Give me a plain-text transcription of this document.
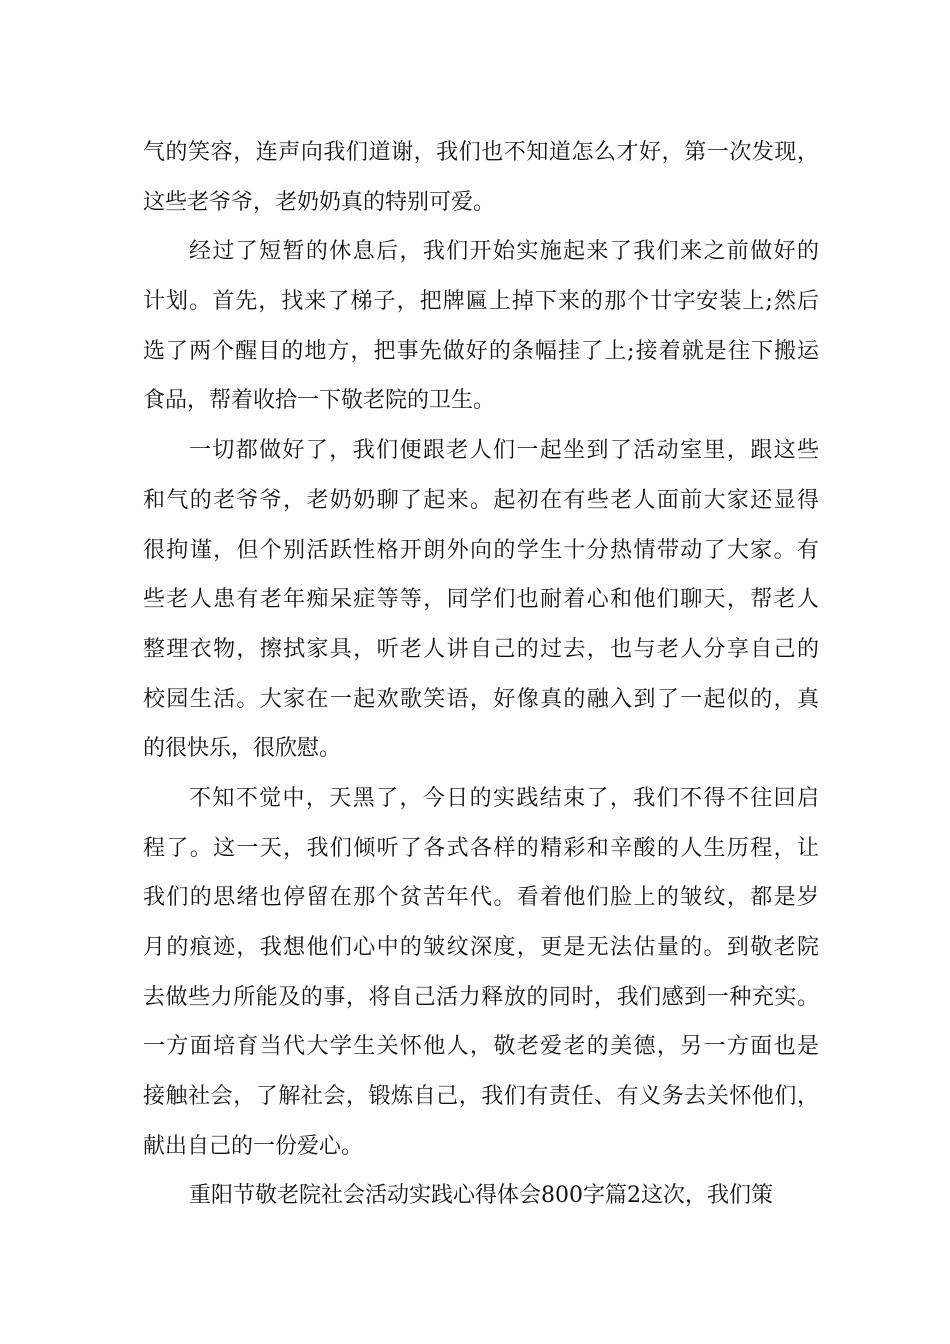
气的笑容，连声向我们道谢，我们也不知道怎么才好，第一次发现，
这些老爷爷，老奶奶真的特别可爱。
经过了短暂的休息后，我们开始实施起来了我们来之前做好的
计划。首先，找来了梯子，把牌匾上掉下来的那个廿字安装上;然后
选了两个醒目的地方，把事先做好的条幅挂了上;接着就是往下搬运
食品，帮着收拾一下敬老院的卫生。
一切都做好了，我们便跟老人们一起坐到了活动室里，跟这些
和气的老爷爷，老奶奶聊了起来。起初在有些老人面前大家还显得
很拘谨，但个别活跃性格开朗外向的学生十分热情带动了大家。有
些老人患有老年痴呆症等等，同学们也耐着心和他们聊天，帮老人
整理衣物，擦拭家具，听老人讲自己的过去，也与老人分享自己的
校园生活。大家在一起欢歌笑语，好像真的融入到了一起似的，真
的很快乐，很欣慰。
不知不觉中，天黑了，今日的实践结束了，我们不得不往回启
程了。这一天，我们倾听了各式各样的精彩和辛酸的人生历程，让
我们的思绪也停留在那个贫苦年代。看着他们脸上的皱纹，都是岁
月的痕迹，我想他们心中的皱纹深度，更是无法估量的。到敬老院
去做些力所能及的事，将自己活力释放的同时，我们感到一种充实。
一方面培育当代大学生关怀他人，敬老爱老的美德，另一方面也是
接触社会，了解社会，锻炼自己，我们有责任、有义务去关怀他们，
献出自己的一份爱心。
重阳节敬老院社会活动实践心得体会800字篇2这次，我们策
